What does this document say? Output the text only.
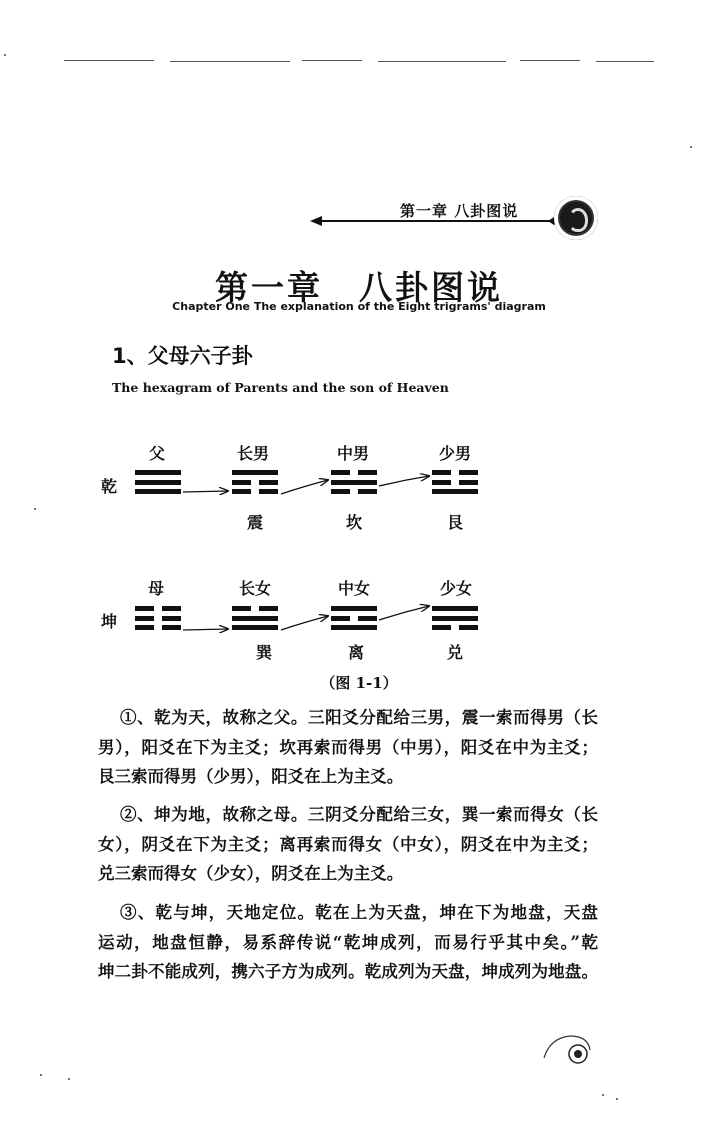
第一章 八卦图说
第一章 八卦图说
Chapter One The explanation of the Eight trigrams' diagram
1、父母六子卦
The hexagram of Parents and the son of Heaven
乾
父	长男	中男	少男
震	坎	艮
坤
母	长女	中女	少女
巽	离	兑
（图 1-1）
①、乾为天，故称之父。三阳爻分配给三男，震一索而得男（长
男），阳爻在下为主爻；坎再索而得男（中男），阳爻在中为主爻；
艮三索而得男（少男），阳爻在上为主爻。
②、坤为地，故称之母。三阴爻分配给三女，巽一索而得女（长
女），阴爻在下为主爻；离再索而得女（中女），阴爻在中为主爻；
兑三索而得女（少女），阴爻在上为主爻。
③、乾与坤，天地定位。乾在上为天盘，坤在下为地盘，天盘
运动，地盘恒静，易系辞传说“乾坤成列，而易行乎其中矣。”乾
坤二卦不能成列，携六子方为成列。乾成列为天盘，坤成列为地盘。
